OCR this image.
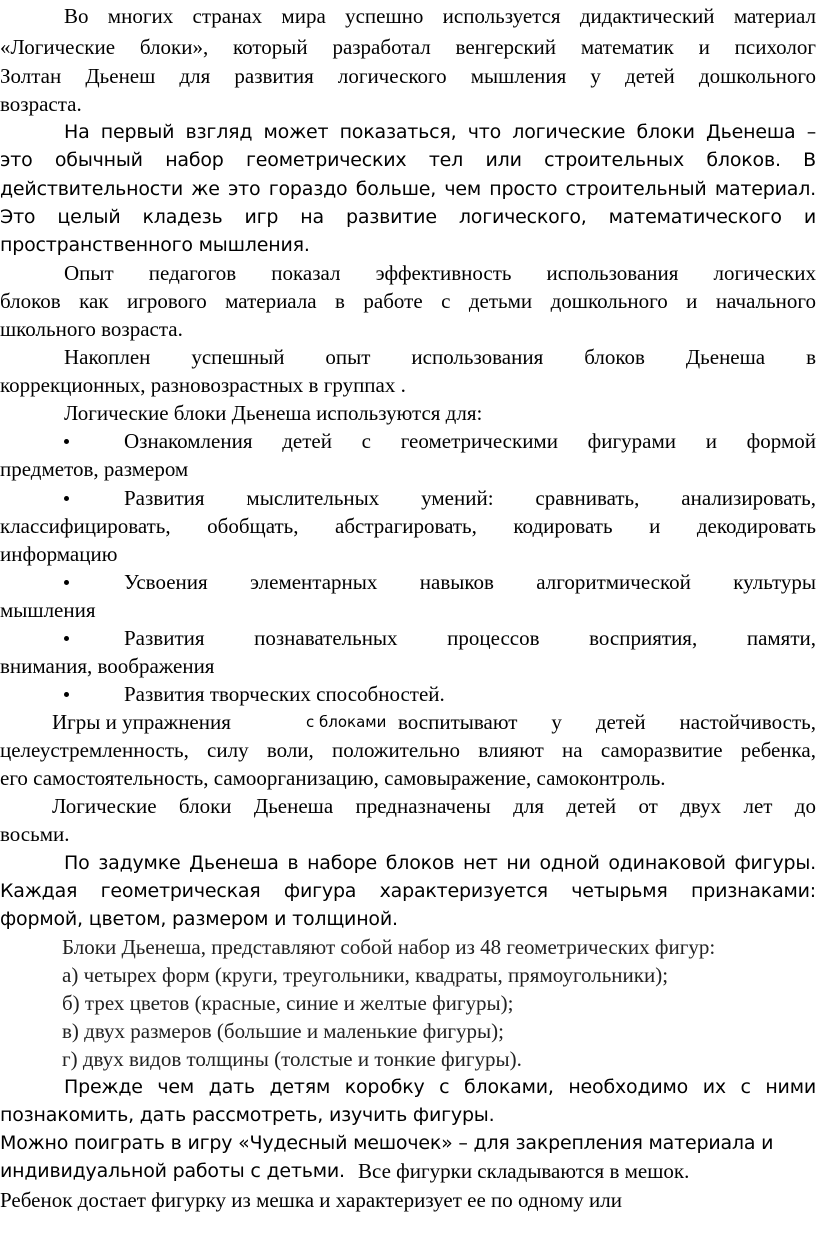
Во многих странах мира успешно используется дидактический материал
«Логические блоки», который разработал венгерский математик и психолог
Золтан Дьенеш для развития логического мышления у детей дошкольного
возраста.
На первый взгляд может показаться, что логические блоки Дьенеша –
это обычный набор геометрических тел или строительных блоков. В
действительности же это гораздо больше, чем просто строительный материал.
Это целый кладезь игр на развитие логического, математического и
пространственного мышления.
Опыт педагогов показал эффективность использования логических
блоков как игрового материала в работе с детьми дошкольного и начального
школьного возраста.
Накоплен успешный опыт использования блоков Дьенеша в
коррекционных, разновозрастных в группах .
Логические блоки Дьенеша используются для:
Ознакомления детей с геометрическими фигурами и формой
предметов, размером
Развития мыслительных умений: сравнивать, анализировать,
классифицировать, обобщать, абстрагировать, кодировать и декодировать
информацию
Усвоения элементарных навыков алгоритмической культуры
мышления
Развития познавательных процессов восприятия, памяти,
внимания, воображения
Развития творческих способностей.
Игры и упражнения	с блоками воспитывают у детей настойчивость,
целеустремленность, силу воли, положительно влияют на саморазвитие ребенка,
его самостоятельность, самоорганизацию, самовыражение, самоконтроль.
Логические блоки Дьенеша предназначены для детей от двух лет до
восьми.
По задумке Дьенеша в наборе блоков нет ни одной одинаковой фигуры.
Каждая геометрическая фигура характеризуется четырьмя признаками:
формой, цветом, размером и толщиной.
Блоки Дьенеша, представляют собой набор из 48 геометрических фигур:
а) четырех форм (круги, треугольники, квадраты, прямоугольники);
б) трех цветов (красные, синие и желтые фигуры);
в) двух размеров (большие и маленькие фигуры);
г) двух видов толщины (толстые и тонкие фигуры).
Прежде чем дать детям коробку с блоками, необходимо их с ними
познакомить, дать рассмотреть, изучить фигуры.
Можно поиграть в игру «Чудесный мешочек» – для закрепления материала и
индивидуальной работы с детьми. Все фигурки складываются в мешок.
Ребенок достает фигурку из мешка и характеризует ее по одному или
